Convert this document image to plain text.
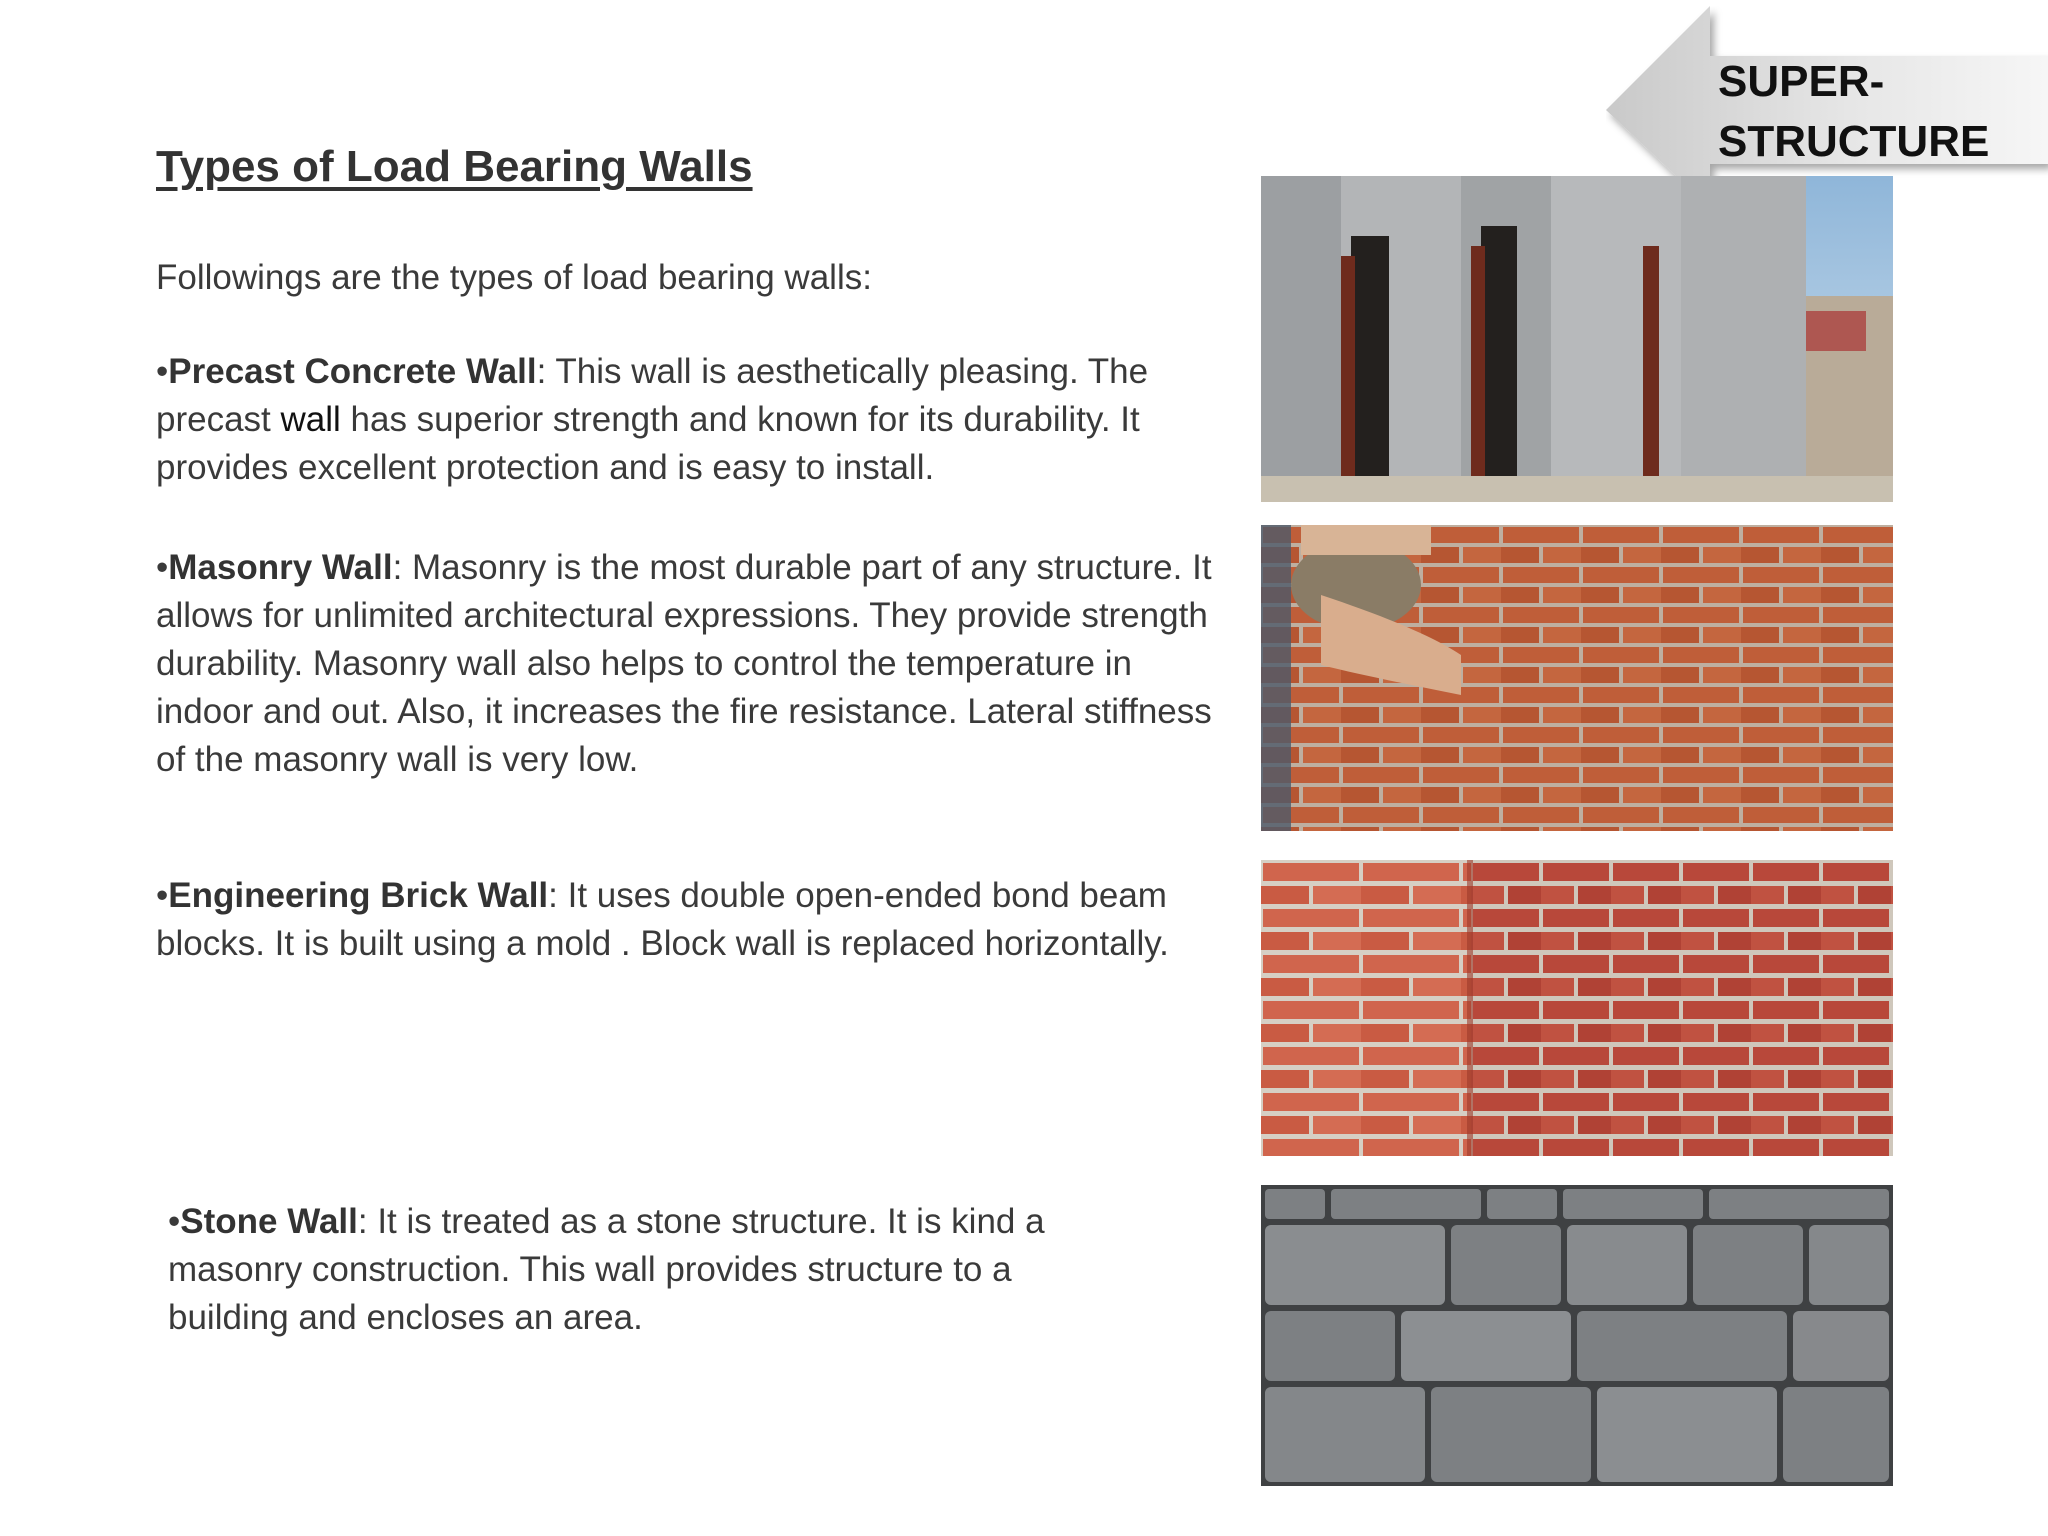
SUPER-
STRUCTURE
Types of Load Bearing Walls

Followings are the types of load bearing walls:

•Precast Concrete Wall: This wall is aesthetically pleasing. The precast wall has superior strength and known for its durability. It provides excellent protection and is easy to install.

•Masonry Wall: Masonry is the most durable part of any structure. It allows for unlimited architectural expressions. They provide strength durability. Masonry wall also helps to control the temperature in indoor and out. Also, it increases the fire resistance. Lateral stiffness of the masonry wall is very low.

•Engineering Brick Wall: It uses double open-ended bond beam blocks. It is built using a mold . Block wall is replaced horizontally.

•Stone Wall: It is treated as a stone structure. It is kind a masonry construction. This wall provides structure to a building and encloses an area.
